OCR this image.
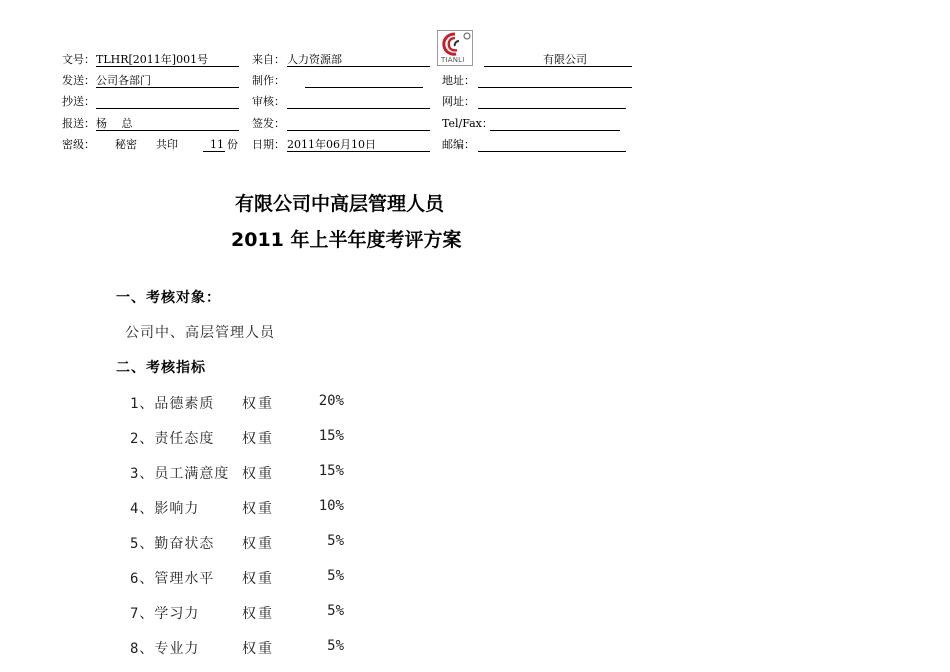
文号： TLHR[2011年]001号	来自： 人力资源部	TIANLI	有限公司
发送： 公司各部门	制作：	地址：
抄送：	审核：	网址：
报送： 杨　 总	签发：	Tel/Fax：
密级： 秘密 共印	11 份 日期： 2011年06月10日	邮编：
有限公司中高层管理人员
2011 年上半年度考评方案
一、考核对象：
公司中、高层管理人员
二、考核指标
1、品德素质 权重	20%
2、责任态度 权重	15%
3、员工满意度 权重	15%
4、影响力	权重	10%
5、勤奋状态 权重	5%
6、管理水平 权重	5%
7、学习力	权重	5%
8、专业力	权重	5%
